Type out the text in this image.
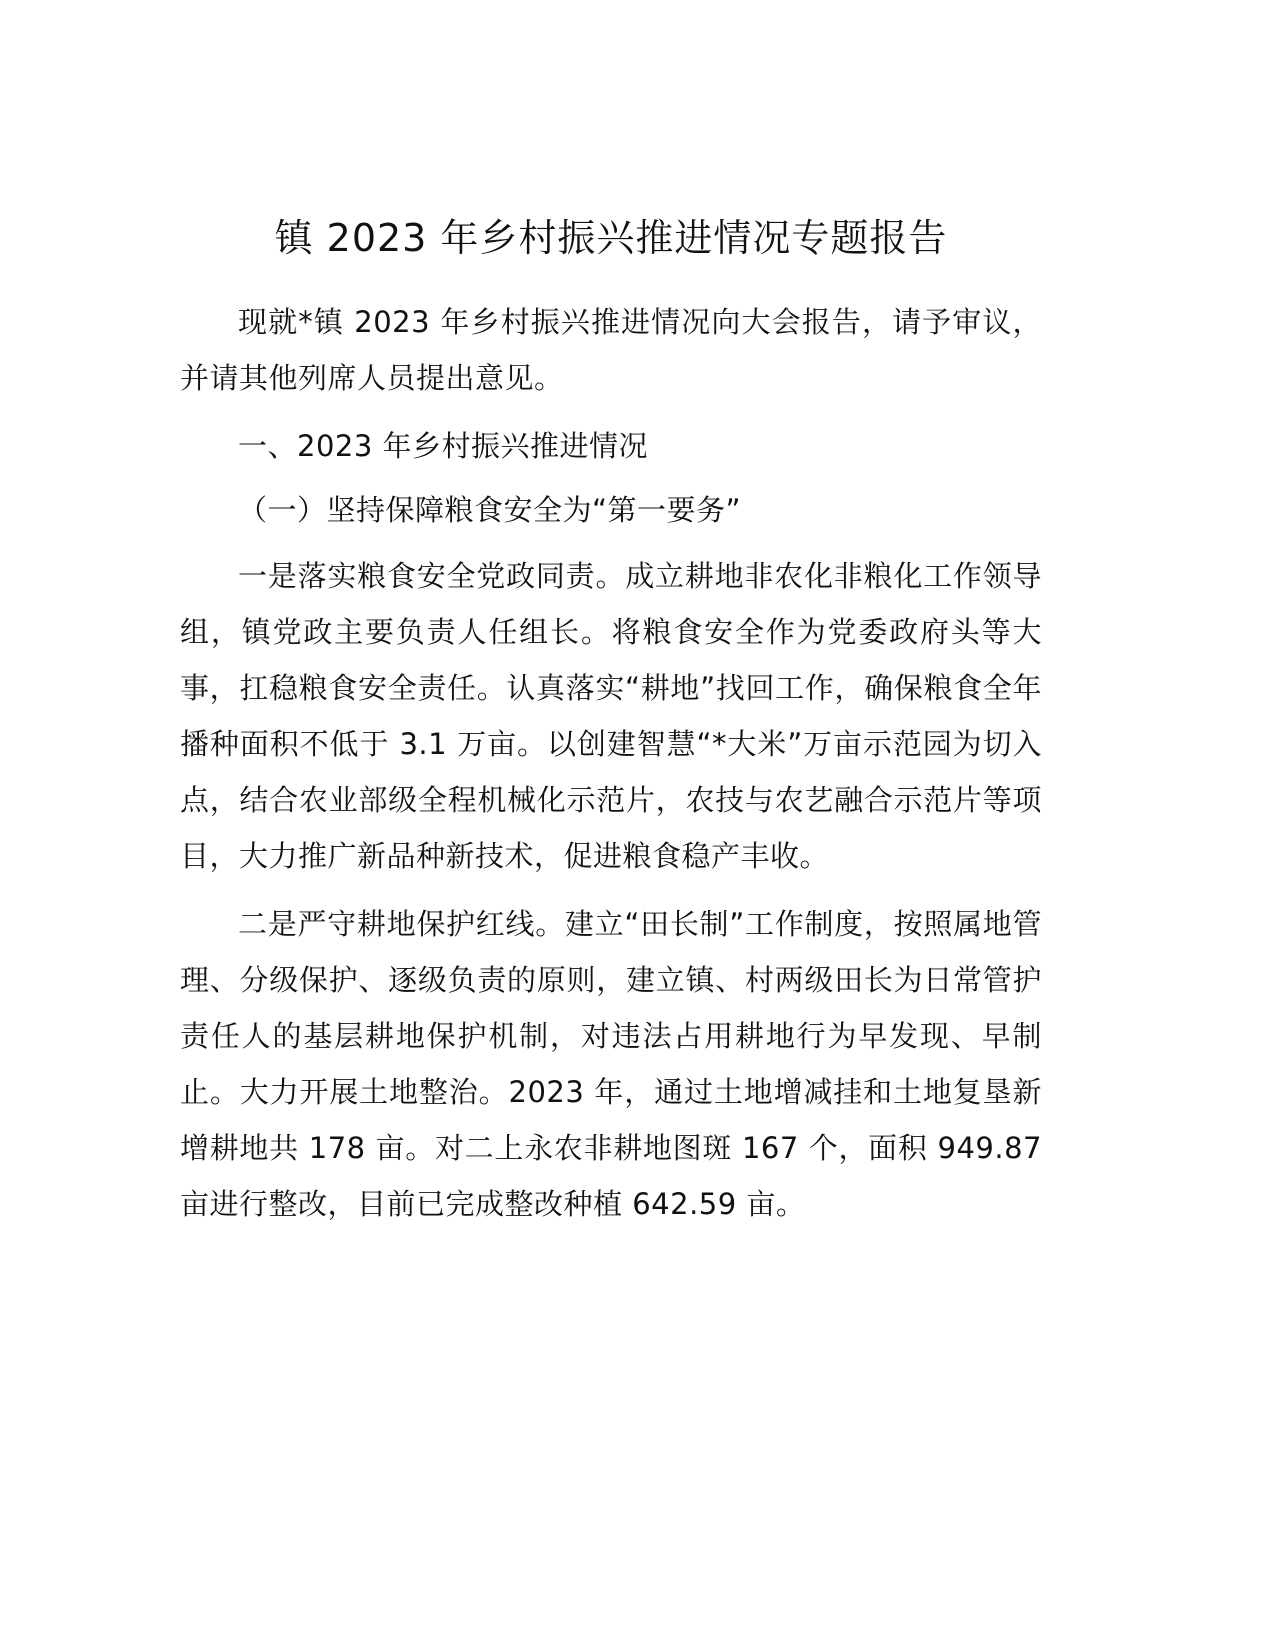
镇 2023 年乡村振兴推进情况专题报告

现就*镇 2023 年乡村振兴推进情况向大会报告，请予审议，并请其他列席人员提出意见。

一、2023 年乡村振兴推进情况

（一）坚持保障粮食安全为“第一要务”

一是落实粮食安全党政同责。成立耕地非农化非粮化工作领导组，镇党政主要负责人任组长。将粮食安全作为党委政府头等大事，扛稳粮食安全责任。认真落实“耕地”找回工作，确保粮食全年播种面积不低于 3.1 万亩。以创建智慧“*大米”万亩示范园为切入点，结合农业部级全程机械化示范片，农技与农艺融合示范片等项目，大力推广新品种新技术，促进粮食稳产丰收。

二是严守耕地保护红线。建立“田长制”工作制度，按照属地管理、分级保护、逐级负责的原则，建立镇、村两级田长为日常管护责任人的基层耕地保护机制，对违法占用耕地行为早发现、早制止。大力开展土地整治。2023 年，通过土地增减挂和土地复垦新增耕地共 178 亩。对二上永农非耕地图斑 167 个，面积 949.87 亩进行整改，目前已完成整改种植 642.59 亩。
